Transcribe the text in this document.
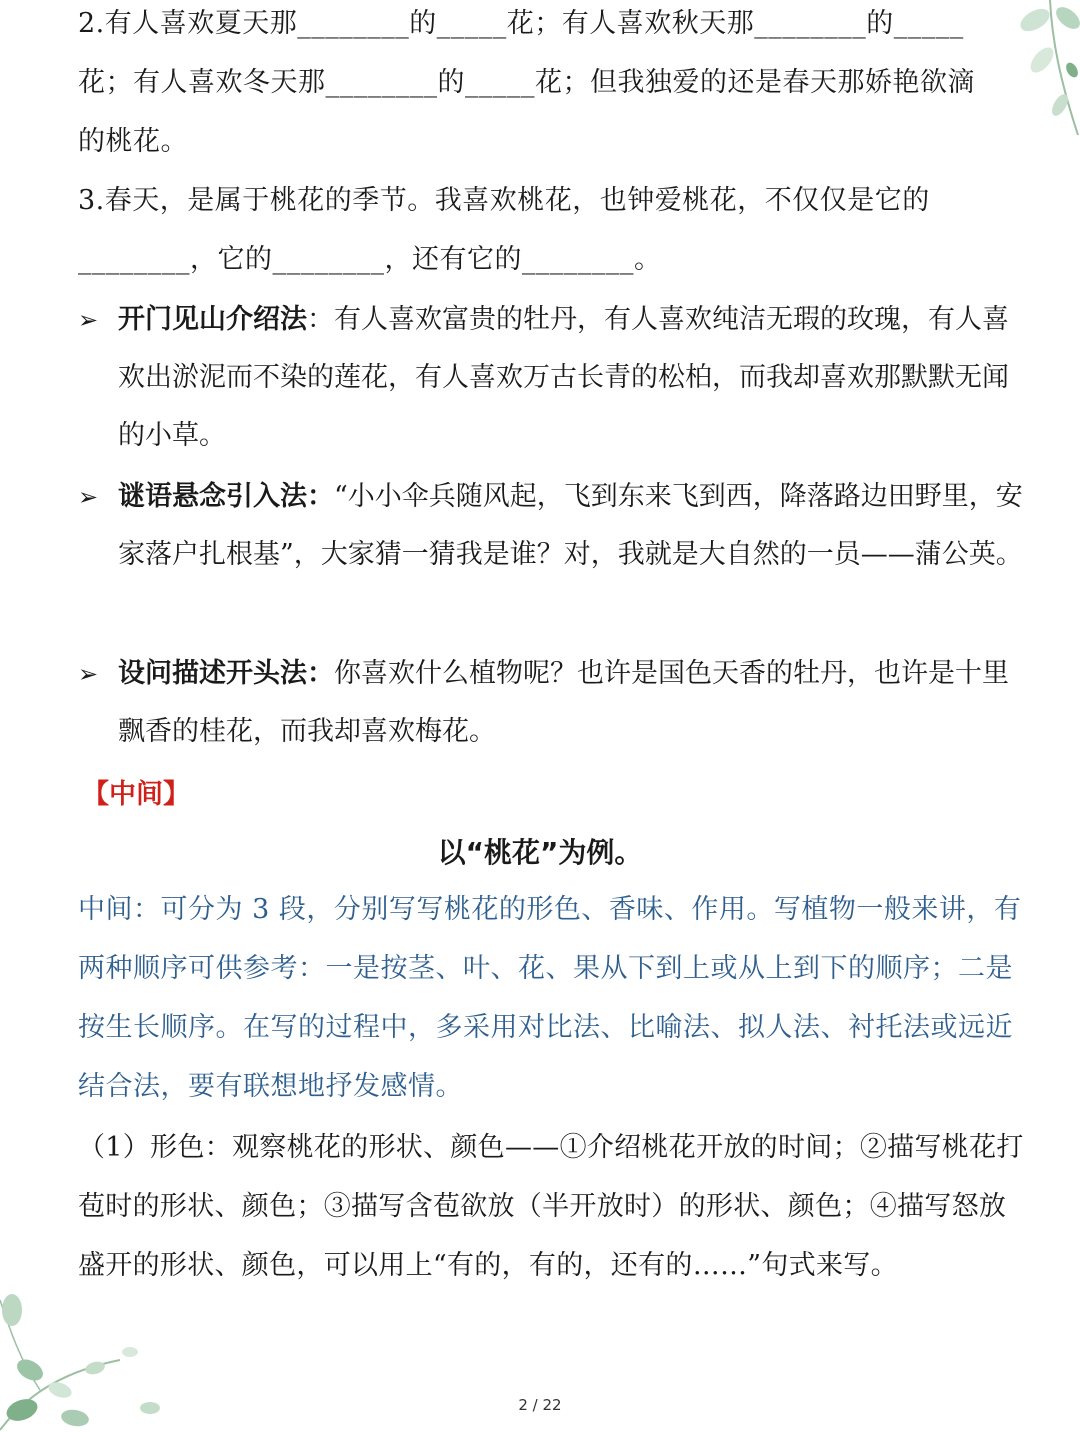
2.有人喜欢夏天那________的_____花；有人喜欢秋天那________的_____
花；有人喜欢冬天那________的_____花；但我独爱的还是春天那娇艳欲滴
的桃花。
3.春天，是属于桃花的季节。我喜欢桃花，也钟爱桃花，不仅仅是它的
________，它的________，还有它的________。
➢ 开门见山介绍法：有人喜欢富贵的牡丹，有人喜欢纯洁无瑕的玫瑰，有人喜欢出淤泥而不染的莲花，有人喜欢万古长青的松柏，而我却喜欢那默默无闻的小草。
➢ 谜语悬念引入法：“小小伞兵随风起，飞到东来飞到西，降落路边田野里，安家落户扎根基”，大家猜一猜我是谁？对，我就是大自然的一员——蒲公英。
➢ 设问描述开头法：你喜欢什么植物呢？也许是国色天香的牡丹，也许是十里飘香的桂花，而我却喜欢梅花。
【中间】
以“桃花”为例。
中间：可分为 3 段，分别写写桃花的形色、香味、作用。写植物一般来讲，有两种顺序可供参考：一是按茎、叶、花、果从下到上或从上到下的顺序；二是按生长顺序。在写的过程中，多采用对比法、比喻法、拟人法、衬托法或远近结合法，要有联想地抒发感情。
（1）形色：观察桃花的形状、颜色——①介绍桃花开放的时间；②描写桃花打苞时的形状、颜色；③描写含苞欲放（半开放时）的形状、颜色；④描写怒放盛开的形状、颜色，可以用上“有的，有的，还有的……”句式来写。
2 / 22
